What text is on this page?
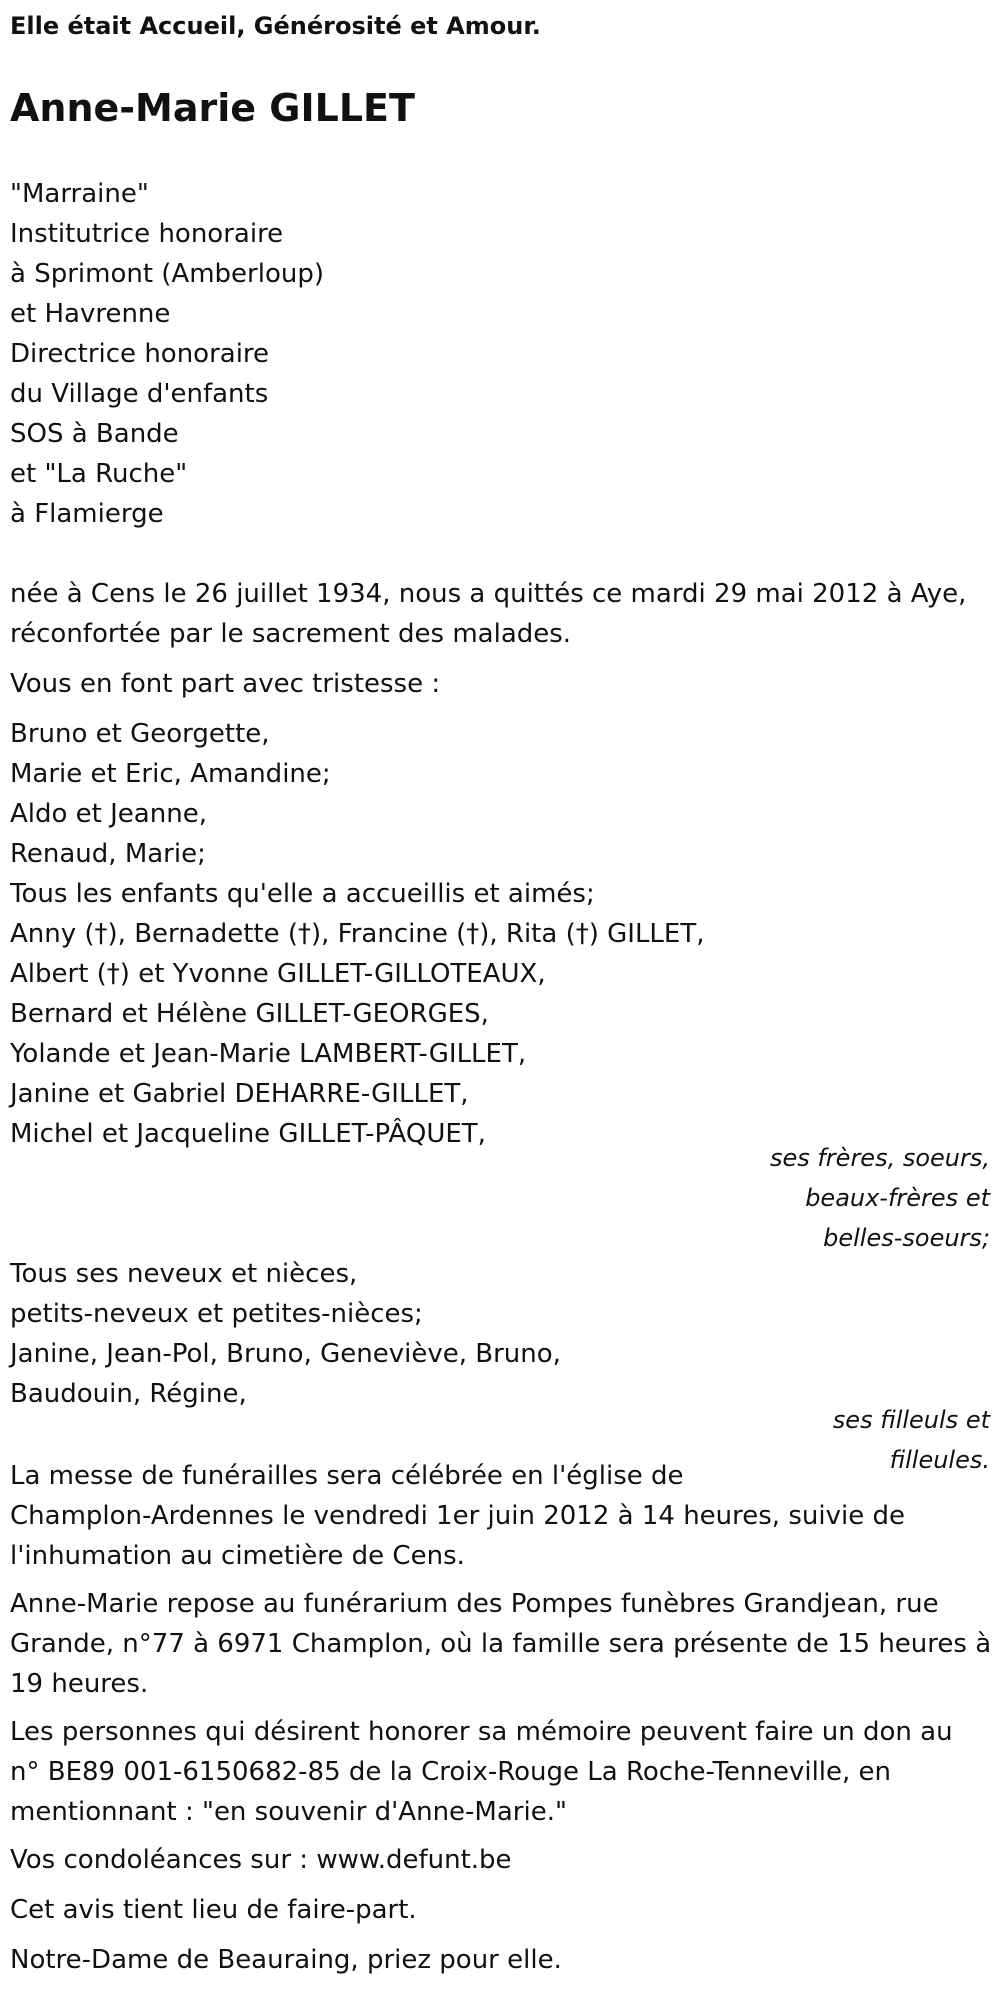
Elle était Accueil, Générosité et Amour.
Anne-Marie GILLET
"Marraine"
Institutrice honoraire
à Sprimont (Amberloup)
et Havrenne
Directrice honoraire
du Village d'enfants
SOS à Bande
et "La Ruche"
à Flamierge

née à Cens le 26 juillet 1934, nous a quittés ce mardi 29 mai 2012 à Aye, réconfortée par le sacrement des malades.

Vous en font part avec tristesse :
Bruno et Georgette,
Marie et Eric, Amandine;
Aldo et Jeanne,
Renaud, Marie;
Tous les enfants qu'elle a accueillis et aimés;
Anny (†), Bernadette (†), Francine (†), Rita (†) GILLET,
Albert (†) et Yvonne GILLET-GILLOTEAUX,
Bernard et Hélène GILLET-GEORGES,
Yolande et Jean-Marie LAMBERT-GILLET,
Janine et Gabriel DEHARRE-GILLET,
Michel et Jacqueline GILLET-PÂQUET,
ses frères, soeurs,
beaux-frères et
belles-soeurs;
Tous ses neveux et nièces,
petits-neveux et petites-nièces;
Janine, Jean-Pol, Bruno, Geneviève, Bruno,
Baudouin, Régine,
ses filleuls et
filleules.
La messe de funérailles sera célébrée en l'église de
Champlon-Ardennes le vendredi 1er juin 2012 à 14 heures, suivie de
l'inhumation au cimetière de Cens.
Anne-Marie repose au funérarium des Pompes funèbres Grandjean, rue
Grande, n°77 à 6971 Champlon, où la famille sera présente de 15 heures à
19 heures.
Les personnes qui désirent honorer sa mémoire peuvent faire un don au
n° BE89 001-6150682-85 de la Croix-Rouge La Roche-Tenneville, en
mentionnant : "en souvenir d'Anne-Marie."
Vos condoléances sur : www.defunt.be
Cet avis tient lieu de faire-part.
Notre-Dame de Beauraing, priez pour elle.
